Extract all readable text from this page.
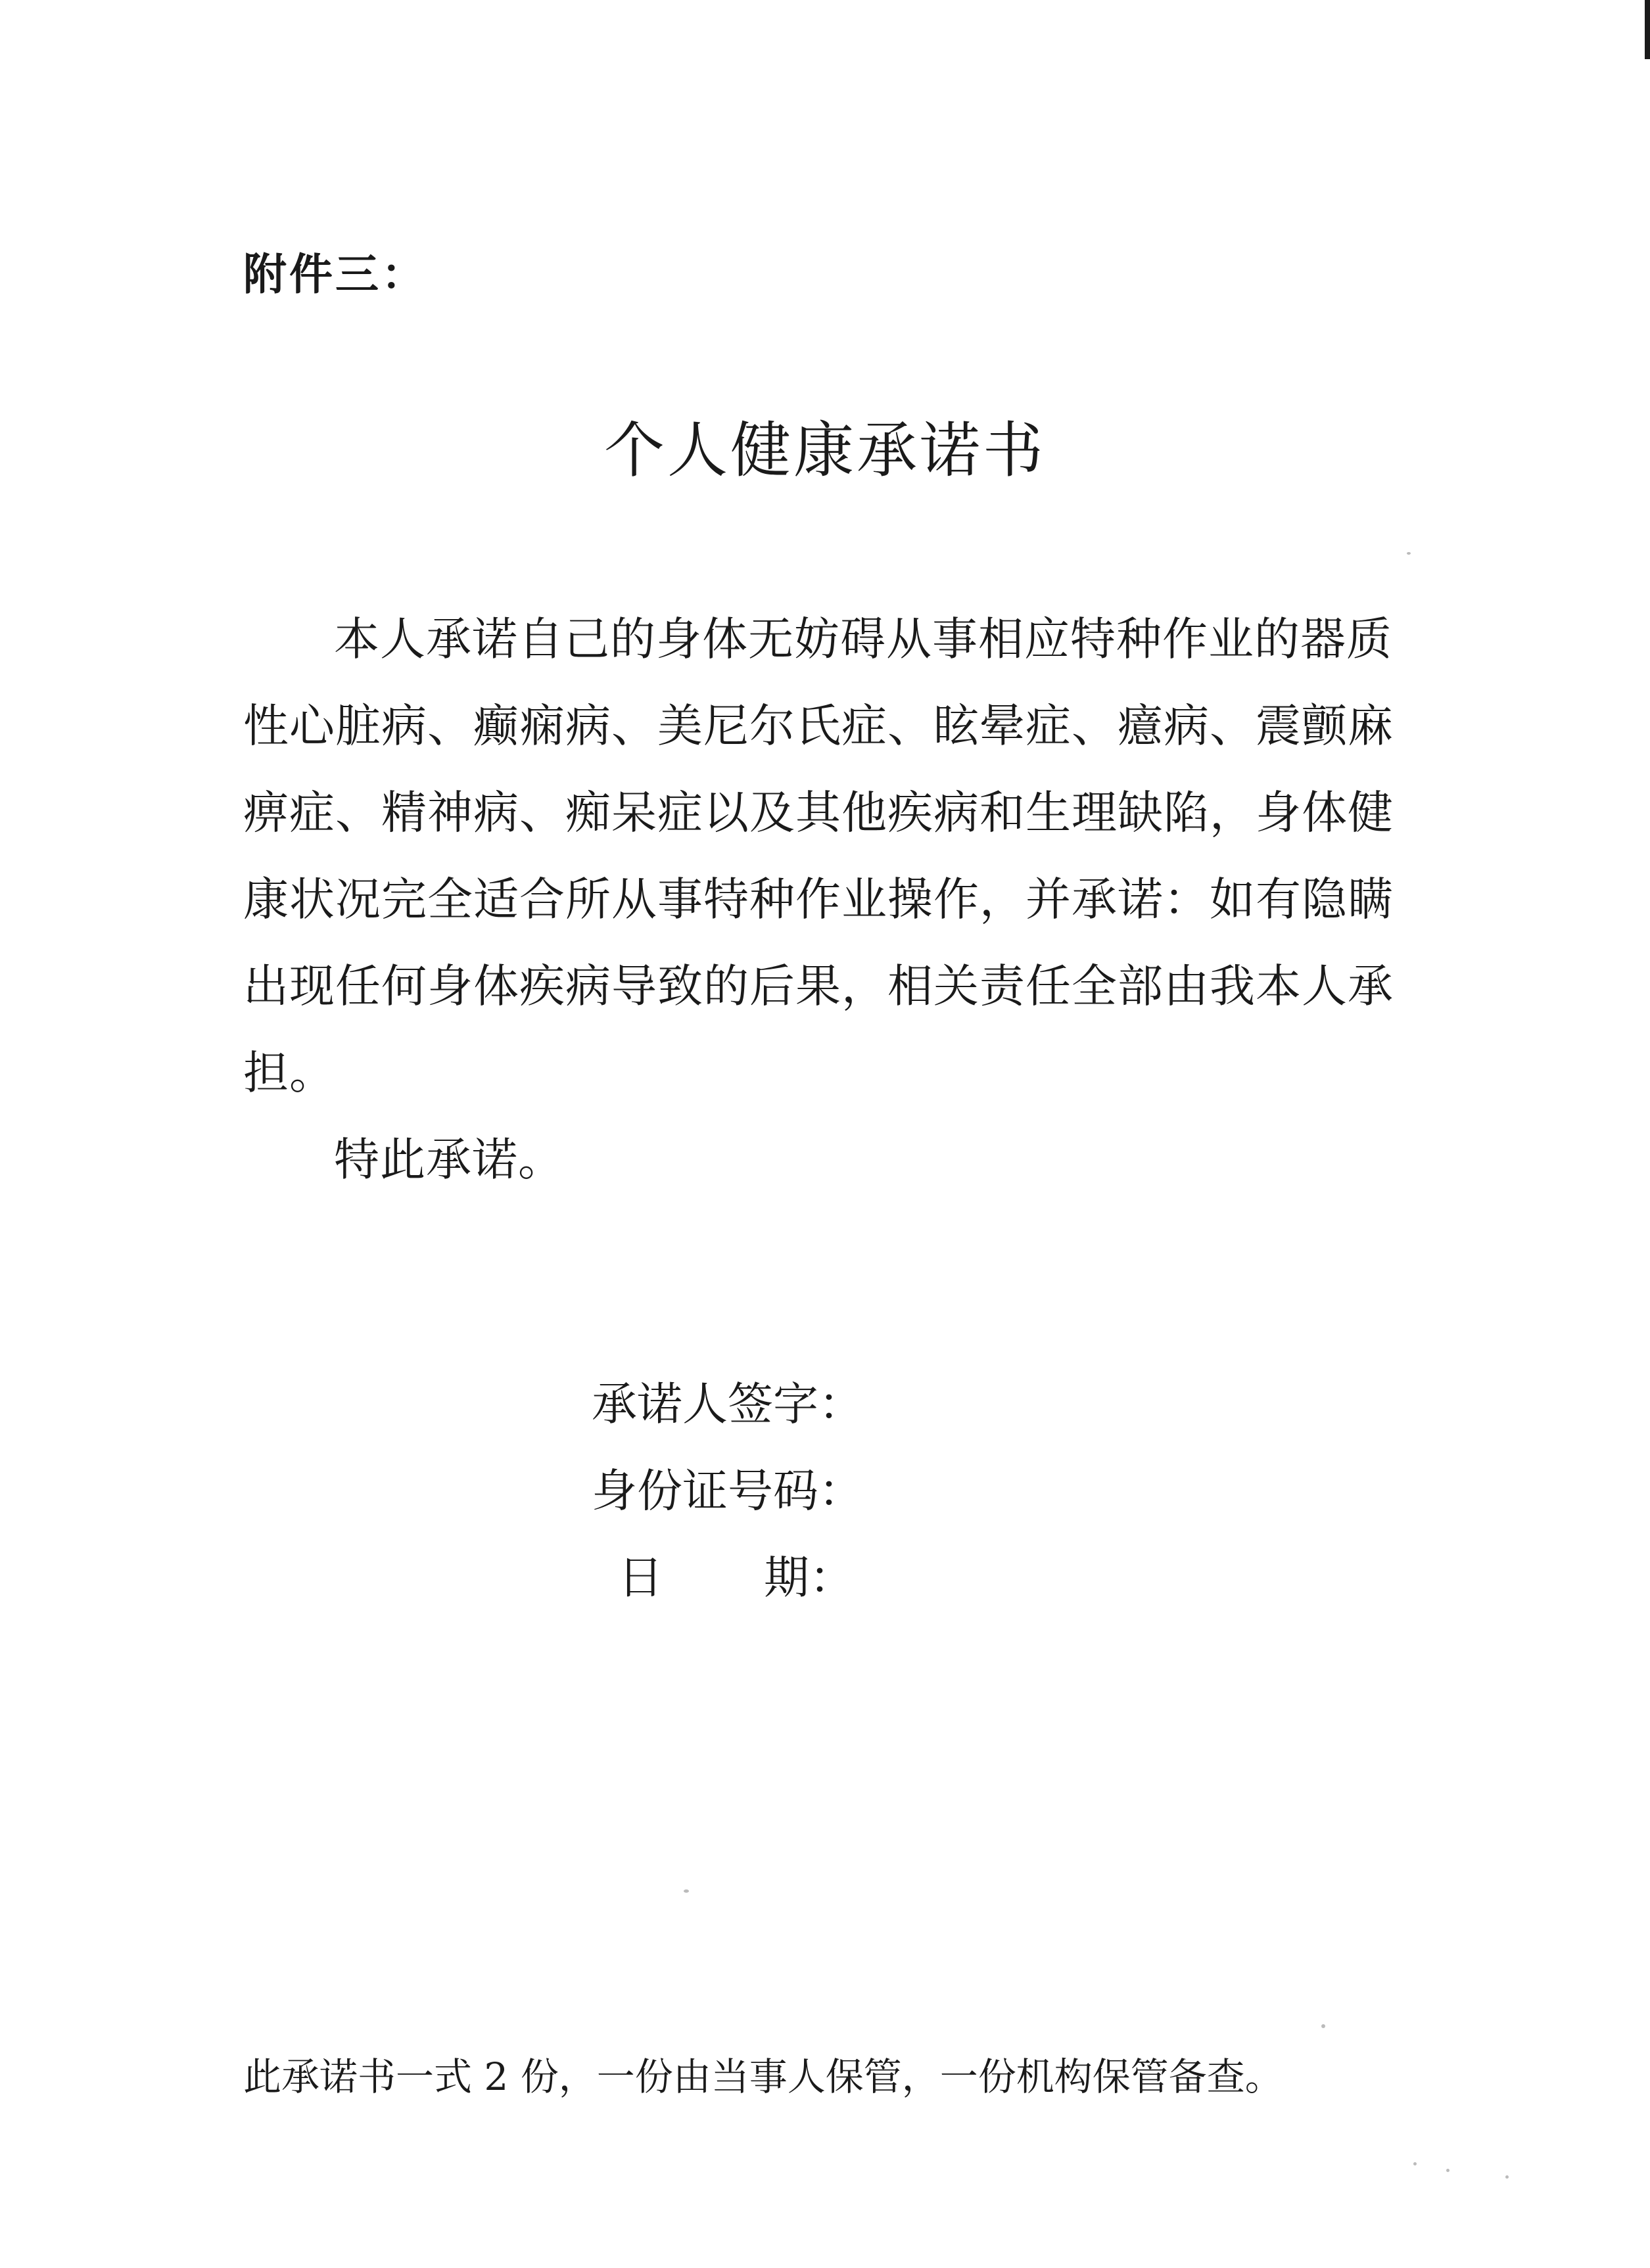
附件三：
个人健康承诺书

本人承诺自己的身体无妨碍从事相应特种作业的器质性心脏病、癫痫病、美尼尔氏症、眩晕症、癔病、震颤麻痹症、精神病、痴呆症以及其他疾病和生理缺陷，身体健康状况完全适合所从事特种作业操作，并承诺：如有隐瞒出现任何身体疾病导致的后果，相关责任全部由我本人承担。

特此承诺。

承诺人签字：
身份证号码：
日 期：
此承诺书一式 2 份，一份由当事人保管，一份机构保管备查。
